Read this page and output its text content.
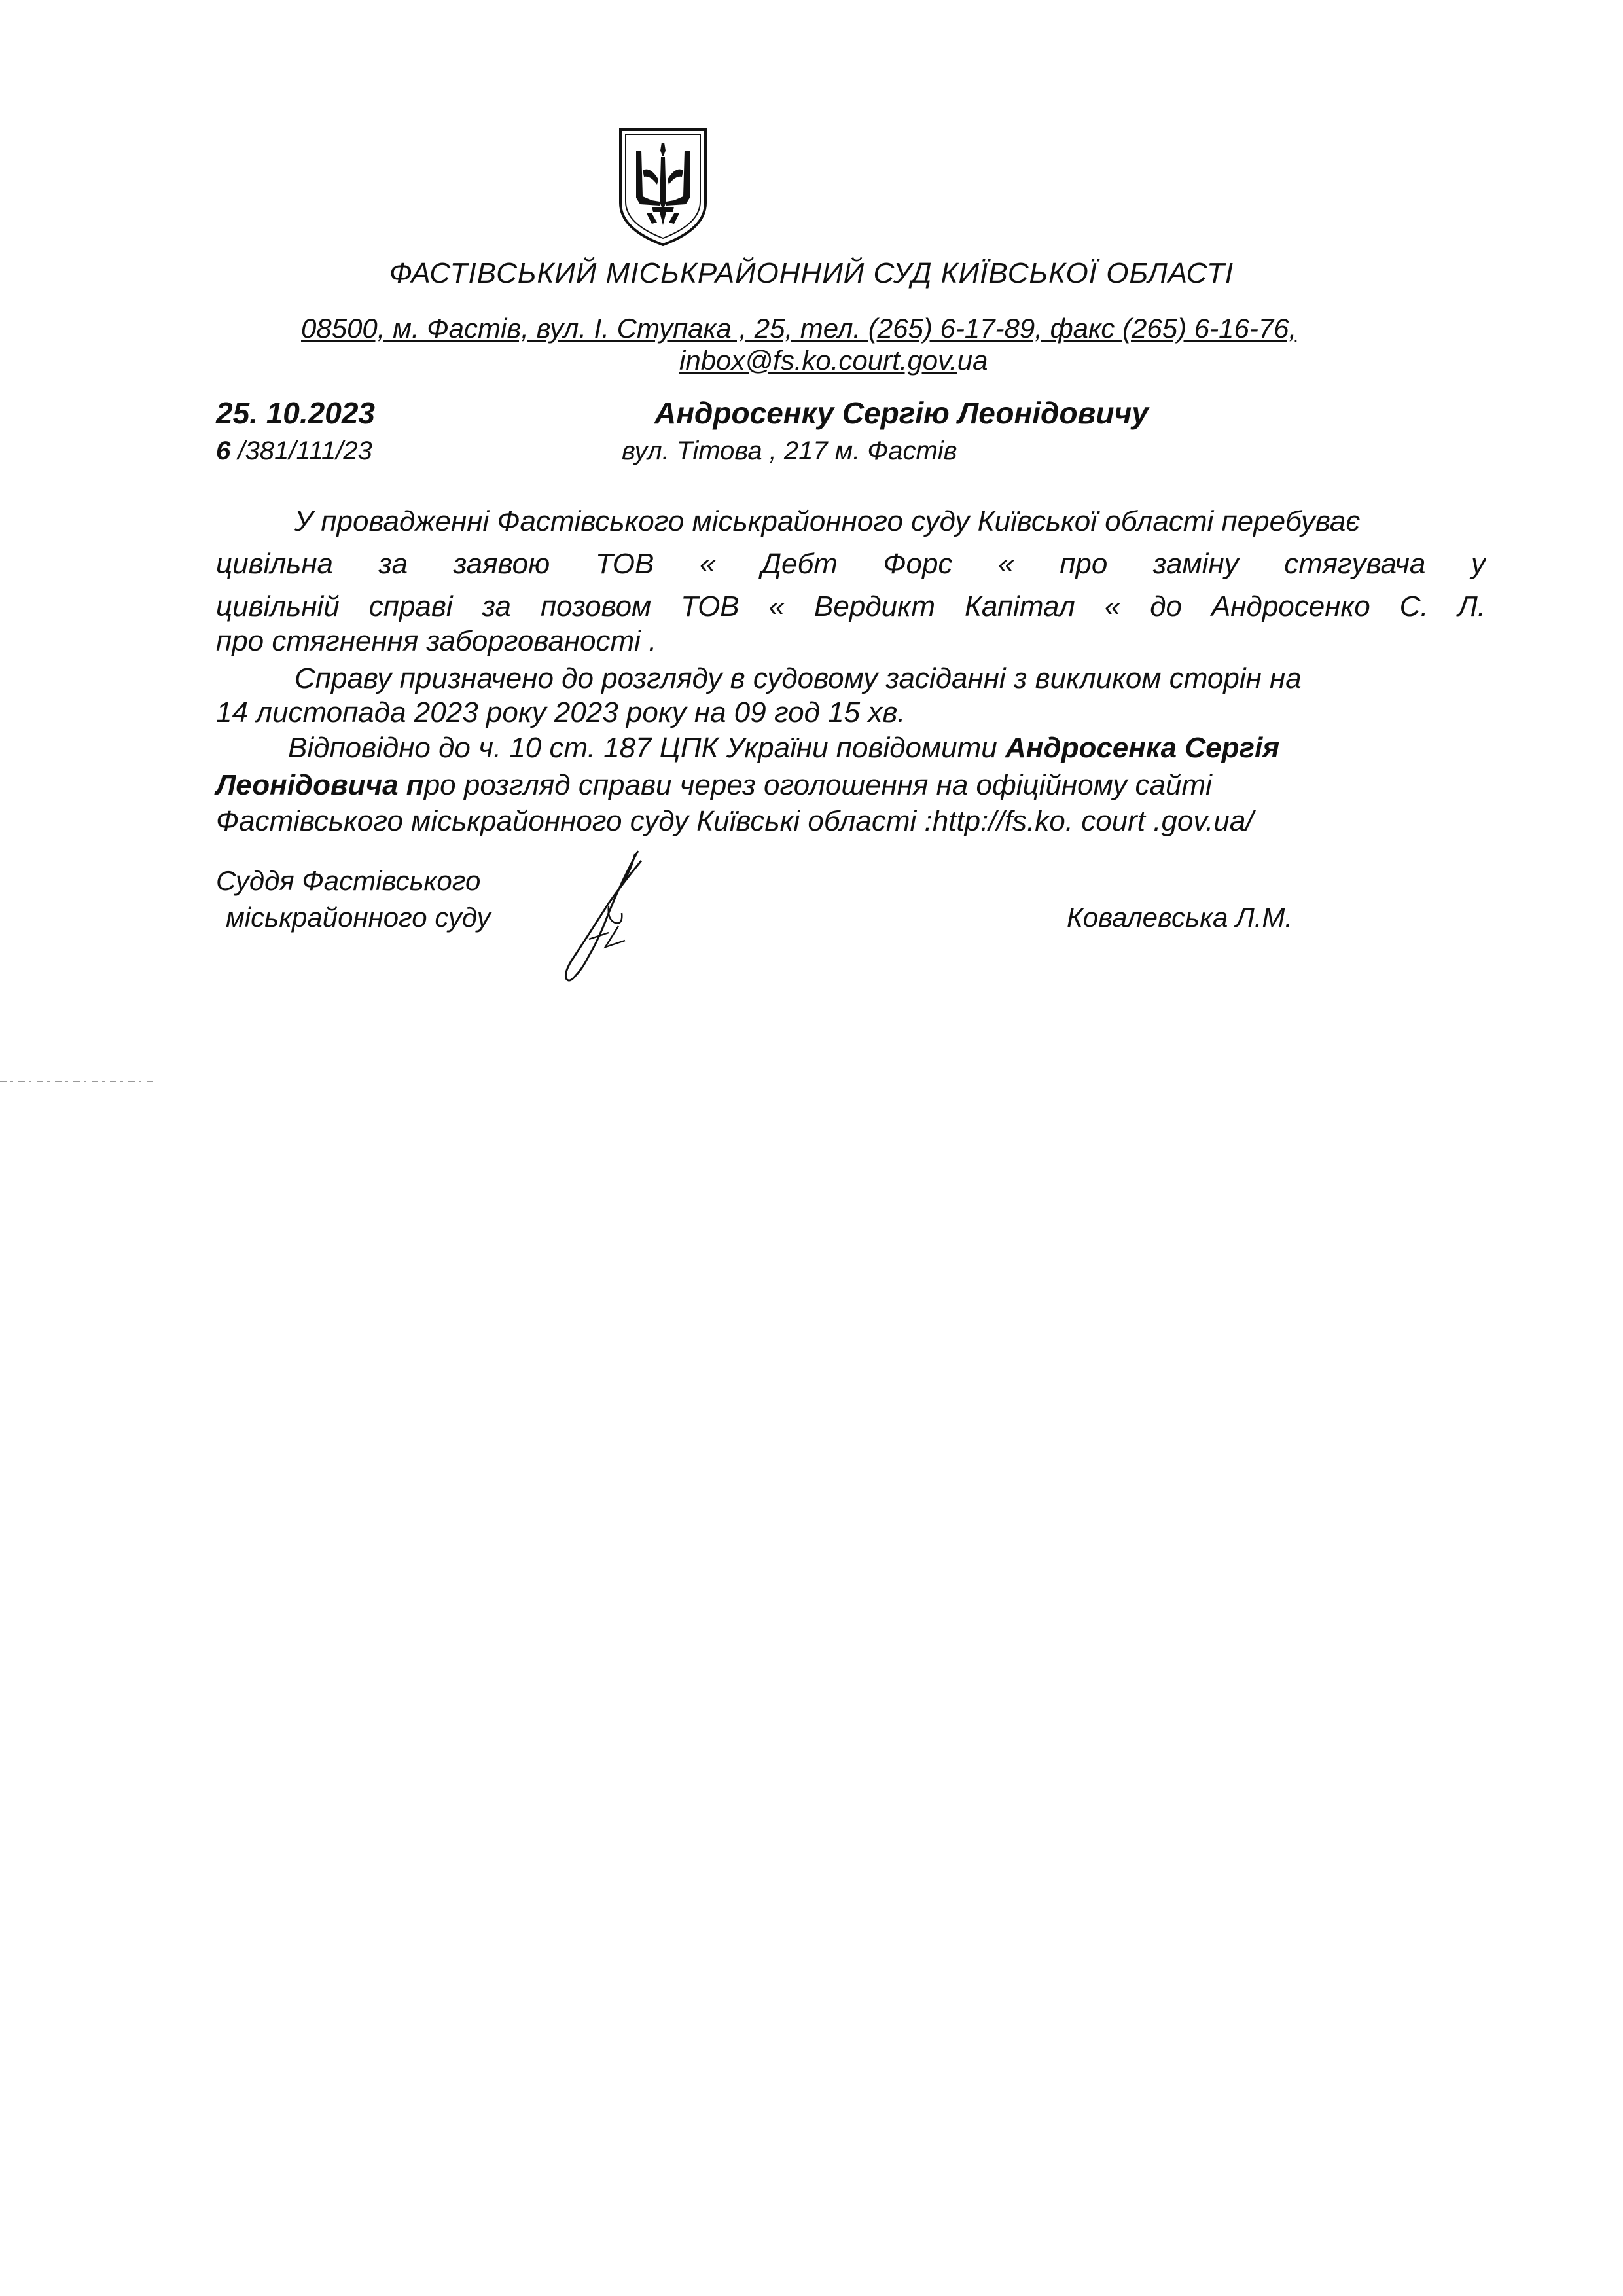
ФАСТІВСЬКИЙ МІСЬКРАЙОННИЙ СУД КИЇВСЬКОЇ ОБЛАСТІ
08500, м. Фастів, вул. І. Ступака , 25, тел. (265) 6-17-89, факс (265) 6-16-76,
inbox@fs.ko.court.gov.ua
25. 10.2023
6 /381/111/23
Андросенку Сергію Леонідовичу
вул. Тітова , 217 м. Фастів
У провадженні Фастівського міськрайонного суду Київської області перебуває
цивільна за заявою ТОВ « Дебт Форс « про заміну стягувача у
цивільній справі за позовом ТОВ « Вердикт Капітал « до Андросенко С. Л.
про стягнення заборгованості .
Справу призначено до розгляду в судовому засіданні з викликом сторін на
14 листопада 2023 року 2023 року на 09 год 15 хв.
Відповідно до ч. 10 ст. 187 ЦПК України повідомити Андросенка Сергія
Леонідовича про розгляд справи через оголошення на офіційному сайті
Фастівського міськрайонного суду Київські області :http://fs.ko. court .gov.ua/
Суддя Фастівського
міськрайонного суду	Ковалевська Л.М.
